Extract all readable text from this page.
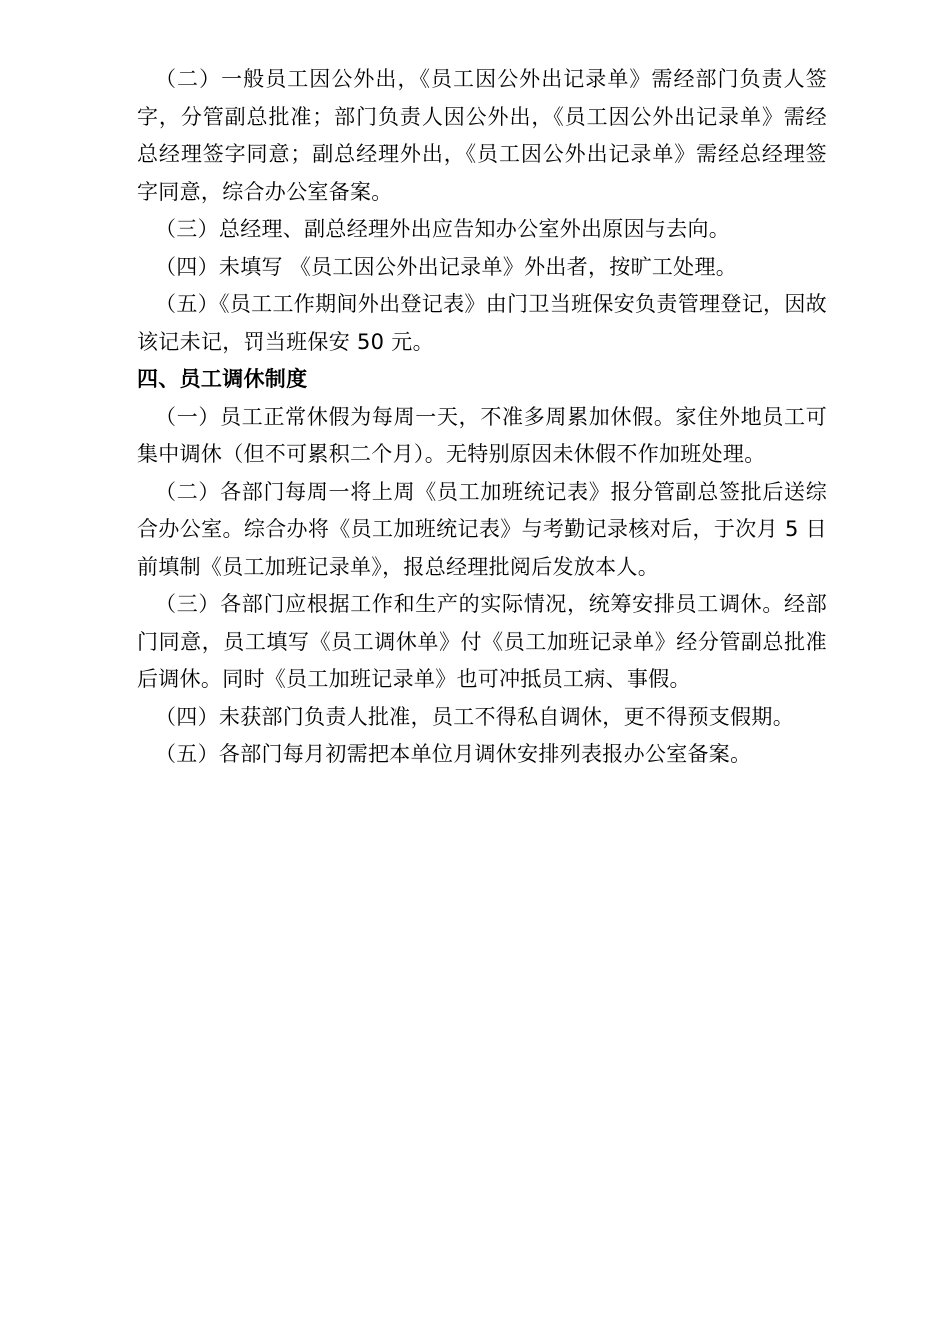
（二）一般员工因公外出，《员工因公外出记录单》需经部门负责人签字，分管副总批准；部门负责人因公外出，《员工因公外出记录单》需经总经理签字同意；副总经理外出，《员工因公外出记录单》需经总经理签字同意，综合办公室备案。

（三）总经理、副总经理外出应告知办公室外出原因与去向。

（四）未填写 《员工因公外出记录单》外出者，按旷工处理。

（五）《员工工作期间外出登记表》由门卫当班保安负责管理登记，因故该记未记，罚当班保安 50 元。

四、员工调休制度

（一）员工正常休假为每周一天，不准多周累加休假。家住外地员工可集中调休（但不可累积二个月）。无特别原因未休假不作加班处理。

（二）各部门每周一将上周《员工加班统记表》报分管副总签批后送综合办公室。综合办将《员工加班统记表》与考勤记录核对后，于次月 5 日前填制《员工加班记录单》，报总经理批阅后发放本人。

（三）各部门应根据工作和生产的实际情况，统筹安排员工调休。经部门同意，员工填写《员工调休单》付《员工加班记录单》经分管副总批准后调休。同时《员工加班记录单》也可冲抵员工病、事假。

（四）未获部门负责人批准，员工不得私自调休，更不得预支假期。

（五）各部门每月初需把本单位月调休安排列表报办公室备案。
